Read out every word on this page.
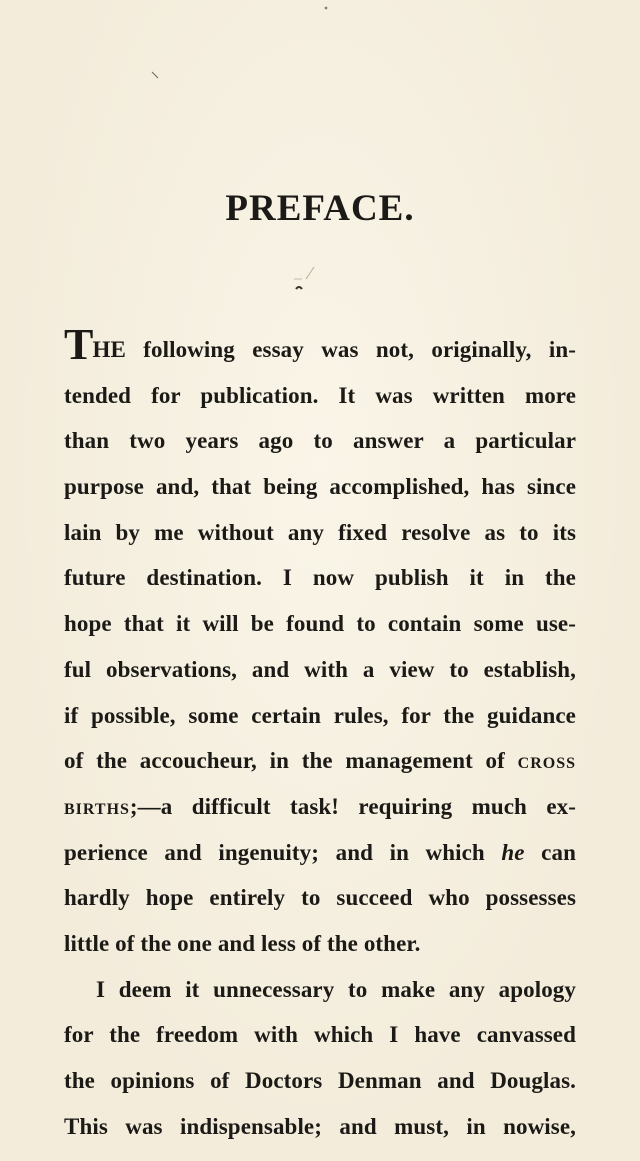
PREFACE.
THE following essay was not, originally, in-
tended for publication. It was written more
than two years ago to answer a particular
purpose and, that being accomplished, has since
lain by me without any fixed resolve as to its
future destination. I now publish it in the
hope that it will be found to contain some use-
ful observations, and with a view to establish,
if possible, some certain rules, for the guidance
of the accoucheur, in the management of cross
births;—a difficult task! requiring much ex-
perience and ingenuity; and in which he can
hardly hope entirely to succeed who possesses
little of the one and less of the other.
I deem it unnecessary to make any apology
for the freedom with which I have canvassed
the opinions of Doctors Denman and Douglas.
This was indispensable; and must, in nowise,
